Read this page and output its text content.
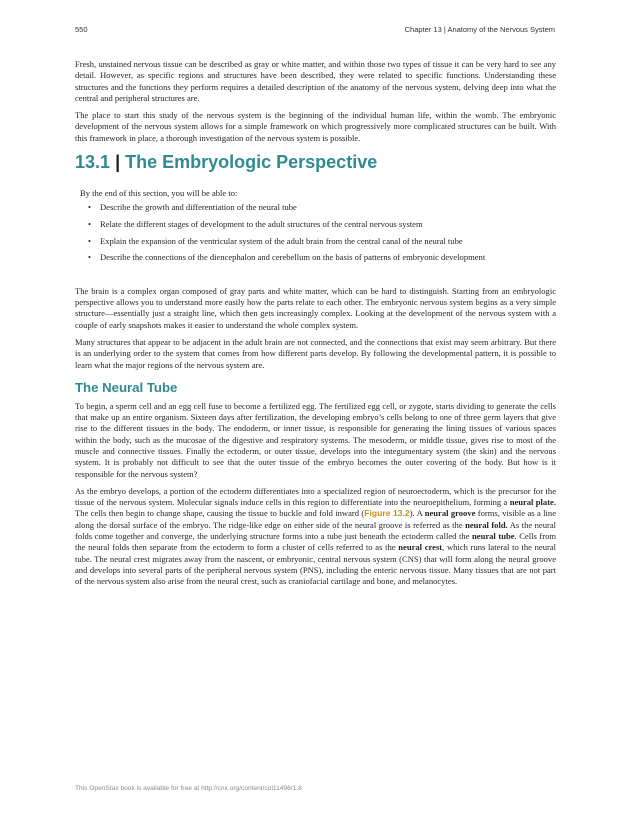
550	Chapter 13 | Anatomy of the Nervous System

Fresh, unstained nervous tissue can be described as gray or white matter, and within those two types of tissue it can be very hard to see any detail. However, as specific regions and structures have been described, they were related to specific functions. Understanding these structures and the functions they perform requires a detailed description of the anatomy of the nervous system, delving deep into what the central and peripheral structures are.

The place to start this study of the nervous system is the beginning of the individual human life, within the womb. The embryonic development of the nervous system allows for a simple framework on which progressively more complicated structures can be built. With this framework in place, a thorough investigation of the nervous system is possible.

13.1 | The Embryologic Perspective
By the end of this section, you will be able to:
• Describe the growth and differentiation of the neural tube
• Relate the different stages of development to the adult structures of the central nervous system
• Explain the expansion of the ventricular system of the adult brain from the central canal of the neural tube
• Describe the connections of the diencephalon and cerebellum on the basis of patterns of embryonic development

The brain is a complex organ composed of gray parts and white matter, which can be hard to distinguish. Starting from an embryologic perspective allows you to understand more easily how the parts relate to each other. The embryonic nervous system begins as a very simple structure—essentially just a straight line, which then gets increasingly complex. Looking at the development of the nervous system with a couple of early snapshots makes it easier to understand the whole complex system.

Many structures that appear to be adjacent in the adult brain are not connected, and the connections that exist may seem arbitrary. But there is an underlying order to the system that comes from how different parts develop. By following the developmental pattern, it is possible to learn what the major regions of the nervous system are.

The Neural Tube

To begin, a sperm cell and an egg cell fuse to become a fertilized egg. The fertilized egg cell, or zygote, starts dividing to generate the cells that make up an entire organism. Sixteen days after fertilization, the developing embryo’s cells belong to one of three germ layers that give rise to the different tissues in the body. The endoderm, or inner tissue, is responsible for generating the lining tissues of various spaces within the body, such as the mucosae of the digestive and respiratory systems. The mesoderm, or middle tissue, gives rise to most of the muscle and connective tissues. Finally the ectoderm, or outer tissue, develops into the integumentary system (the skin) and the nervous system. It is probably not difficult to see that the outer tissue of the embryo becomes the outer covering of the body. But how is it responsible for the nervous system?

As the embryo develops, a portion of the ectoderm differentiates into a specialized region of neuroectoderm, which is the precursor for the tissue of the nervous system. Molecular signals induce cells in this region to differentiate into the neuroepithelium, forming a neural plate. The cells then begin to change shape, causing the tissue to buckle and fold inward (Figure 13.2). A neural groove forms, visible as a line along the dorsal surface of the embryo. The ridge-like edge on either side of the neural groove is referred as the neural fold. As the neural folds come together and converge, the underlying structure forms into a tube just beneath the ectoderm called the neural tube. Cells from the neural folds then separate from the ectoderm to form a cluster of cells referred to as the neural crest, which runs lateral to the neural tube. The neural crest migrates away from the nascent, or embryonic, central nervous system (CNS) that will form along the neural groove and develops into several parts of the peripheral nervous system (PNS), including the enteric nervous tissue. Many tissues that are not part of the nervous system also arise from the neural crest, such as craniofacial cartilage and bone, and melanocytes.

This OpenStax book is available for free at http://cnx.org/content/col11496/1.8
